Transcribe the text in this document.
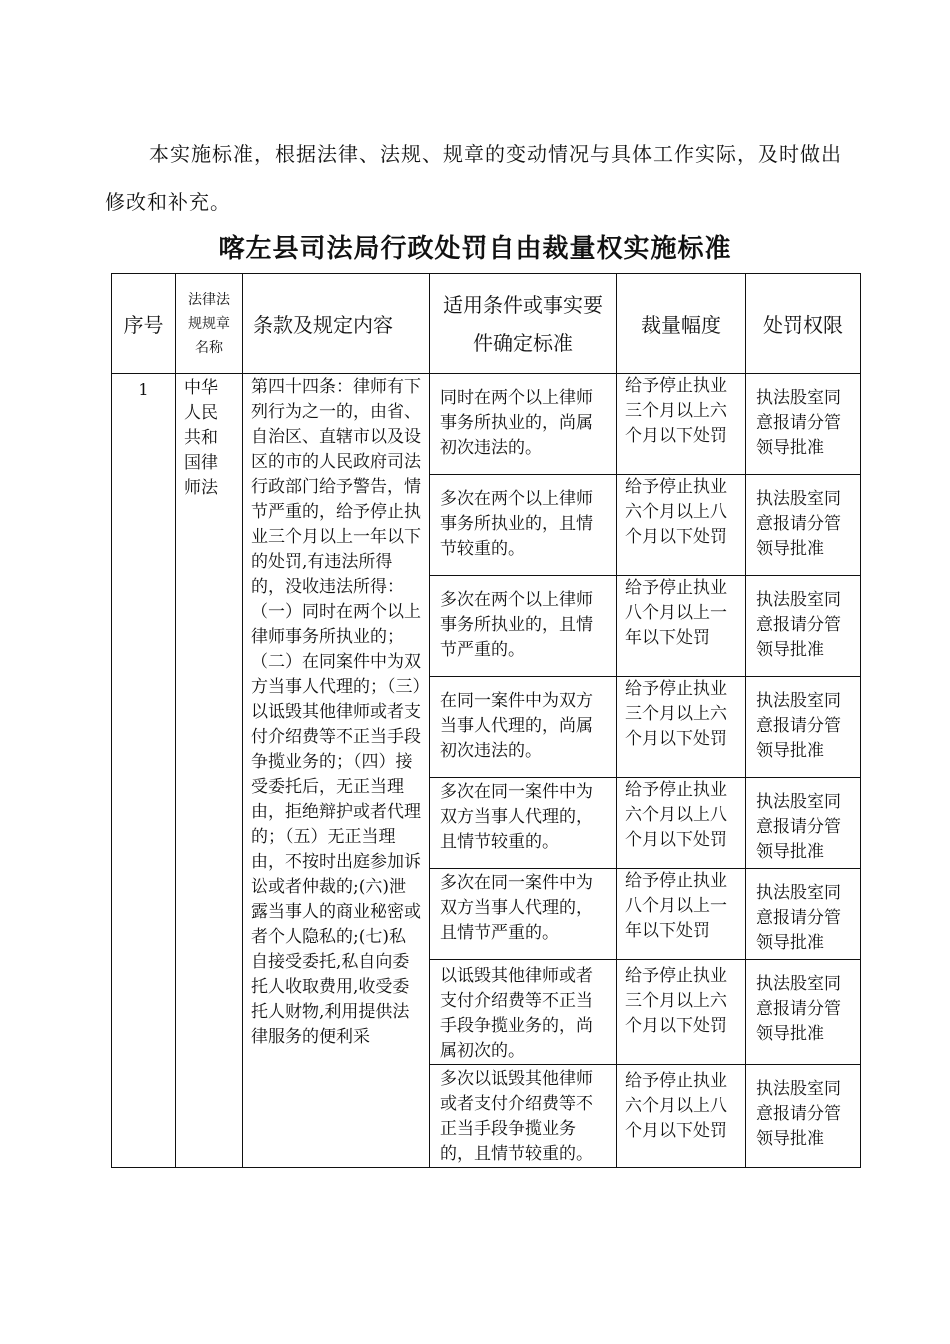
本实施标准，根据法律、法规、规章的变动情况与具体工作实际，及时做出修改和补充。

喀左县司法局行政处罚自由裁量权实施标准
序号	法律法规规章名称	条款及规定内容	适用条件或事实要件确定标准	裁量幅度	处罚权限
1	中华人民共和国律师法	第四十四条：律师有下列行为之一的，由省、自治区、直辖市以及设区的市的人民政府司法行政部门给予警告，情节严重的，给予停止执业三个月以上一年以下的处罚,有违法所得的，没收违法所得：（一）同时在两个以上律师事务所执业的；（二）在同案件中为双方当事人代理的；（三）以诋毁其他律师或者支付介绍费等不正当手段争揽业务的；（四）接受委托后，无正当理由，拒绝辩护或者代理的；（五）无正当理由，不按时出庭参加诉讼或者仲裁的;(六)泄露当事人的商业秘密或者个人隐私的;(七)私自接受委托,私自向委托人收取费用,收受委托人财物,利用提供法律服务的便利采	同时在两个以上律师事务所执业的，尚属初次违法的。	给予停止执业三个月以上六个月以下处罚	执法股室同意报请分管领导批准
			多次在两个以上律师事务所执业的，且情节较重的。	给予停止执业六个月以上八个月以下处罚	执法股室同意报请分管领导批准
			多次在两个以上律师事务所执业的，且情节严重的。	给予停止执业八个月以上一年以下处罚	执法股室同意报请分管领导批准
			在同一案件中为双方当事人代理的，尚属初次违法的。	给予停止执业三个月以上六个月以下处罚	执法股室同意报请分管领导批准
			多次在同一案件中为双方当事人代理的，且情节较重的。	给予停止执业六个月以上八个月以下处罚	执法股室同意报请分管领导批准
			多次在同一案件中为双方当事人代理的，且情节严重的。	给予停止执业八个月以上一年以下处罚	执法股室同意报请分管领导批准
			以诋毁其他律师或者支付介绍费等不正当手段争揽业务的，尚属初次的。	给予停止执业三个月以上六个月以下处罚	执法股室同意报请分管领导批准
			多次以诋毁其他律师或者支付介绍费等不正当手段争揽业务的，且情节较重的。	给予停止执业六个月以上八个月以下处罚	执法股室同意报请分管领导批准
